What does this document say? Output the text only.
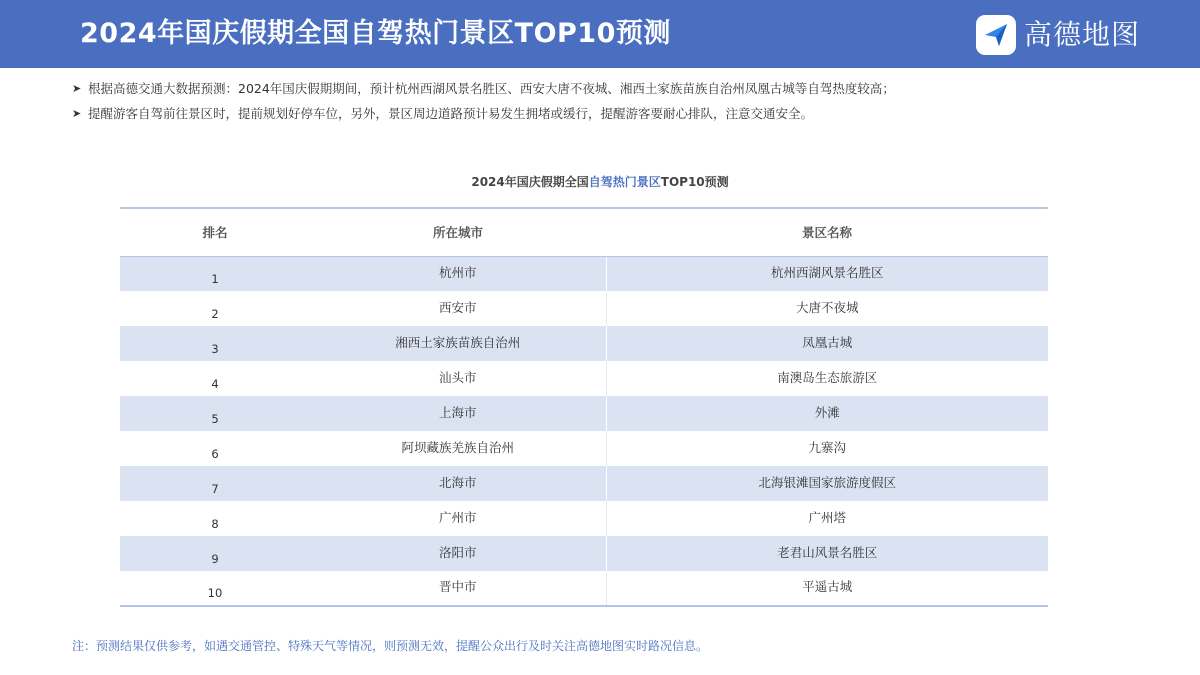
2024年国庆假期全国自驾热门景区TOP10预测	高德地图
➤ 根据高德交通大数据预测：2024年国庆假期期间，预计杭州西湖风景名胜区、西安大唐不夜城、湘西土家族苗族自治州凤凰古城等自驾热度较高；
➤ 提醒游客自驾前往景区时，提前规划好停车位，另外，景区周边道路预计易发生拥堵或缓行，提醒游客要耐心排队，注意交通安全。
2024年国庆假期全国自驾热门景区TOP10预测
排名	所在城市	景区名称
1	杭州市	杭州西湖风景名胜区
2	西安市	大唐不夜城
3	湘西土家族苗族自治州	凤凰古城
4	汕头市	南澳岛生态旅游区
5	上海市	外滩
6	阿坝藏族羌族自治州	九寨沟
7	北海市	北海银滩国家旅游度假区
8	广州市	广州塔
9	洛阳市	老君山风景名胜区
10	晋中市	平遥古城
注：预测结果仅供参考，如遇交通管控、特殊天气等情况，则预测无效，提醒公众出行及时关注高德地图实时路况信息。
